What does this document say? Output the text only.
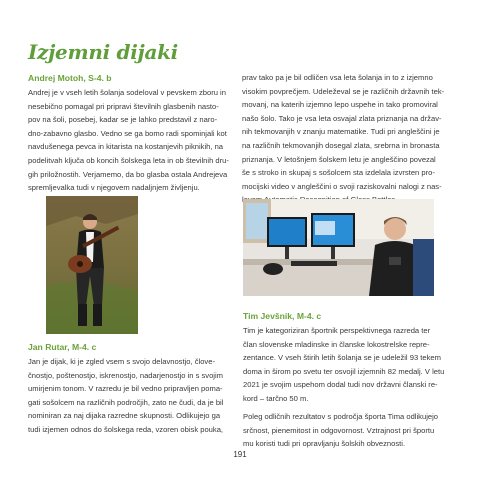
Izjemni dijaki
Andrej Motoh, S-4. b
Andrej je v vseh letih šolanja sodeloval v pevskem zboru in
nesebično pomagal pri pripravi številnih glasbenih nasto-
pov na šoli, posebej, kadar se je lahko predstavil z naro-
dno-zabavno glasbo. Vedno se ga bomo radi spominjali kot
navdušenega pevca in kitarista na kostanjevih piknikih, na
podelitvah ključa ob koncih šolskega leta in ob številnih dru-
gih priložnostih. Verjamemo, da bo glasba ostala Andrejeva
spremljevalka tudi v njegovem nadaljnjem življenju.
prav tako pa je bil odličen vsa leta šolanja in to z izjemno
visokim povprečjem. Udeleževal se je različnih državnih tek-
movanj, na katerih izjemno lepo uspehe in tako promoviral
našo šolo. Tako je vsa leta osvajal zlata priznanja na držav-
nih tekmovanjih v znanju matematike. Tudi pri angleščini je
na različnih tekmovanjih dosegal zlata, srebrna in bronasta
priznanja. V letošnjem šolskem letu je angleščino povezal
še s stroko in skupaj s sošolcem sta izdelala izvrsten pro-
mocijski video v angleščini o svoji raziskovalni nalogi z nas-
Tim Jevšnik, M-4. c
Tim je kategoriziran športnik perspektivnega razreda ter
član slovenske mladinske in članske lokostrelske repre-
zentance. V vseh štirih letih šolanja se je udeležil 93 tekem
doma in širom po svetu ter osvojil izjemnih 82 medalj. V letu
2021 je svojim uspehom dodal tudi nov državni članski re-
kord – tarčno 50 m.
Poleg odličnih rezultatov s področja športa Tima odlikujejo
srčnost, pienemitost in odgovornost. Vztrajnost pri športu
mu koristi tudi pri opravljanju šolskih obveznosti.
Jan Rutar, M-4. c
Jan je dijak, ki je zgled vsem s svojo delavnostjo, člove-
čnostjo, poštenostjo, iskrenostjo, nadarjenostjo in s svojim
umirjenim tonom. V razredu je bil vedno pripravljen poma-
gati sošolcem na različnih področjih, zato ne čudi, da je bil
nominiran za naj dijaka razredne skupnosti. Odlikujejo ga
tudi izjemen odnos do šolskega reda, vzoren obisk pouka,
191
